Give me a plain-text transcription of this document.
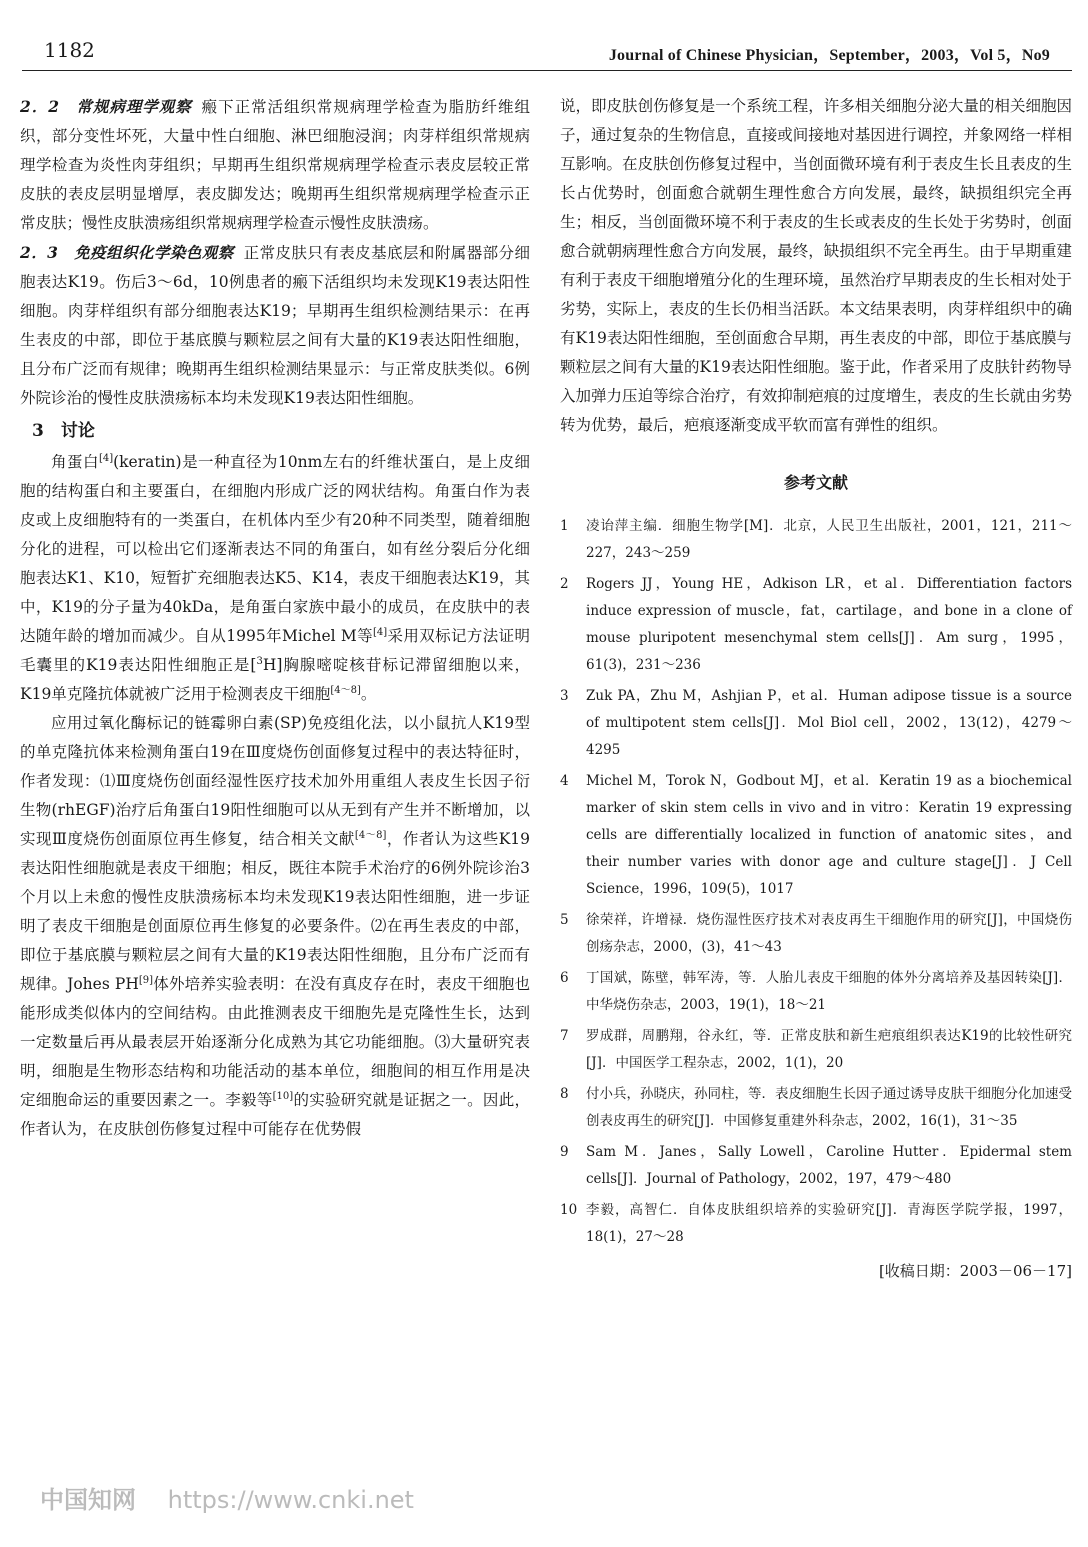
1182	Journal of Chinese Physician，September，2003，Vol 5，No9

2．2　常规病理学观察 瘢下正常活组织常规病理学检查为脂肪纤维组织，部分变性坏死，大量中性白细胞、淋巴细胞浸润；肉芽样组织常规病理学检查为炎性肉芽组织；早期再生组织常规病理学检查示表皮层较正常皮肤的表皮层明显增厚，表皮脚发达；晚期再生组织常规病理学检查示正常皮肤；慢性皮肤溃疡组织常规病理学检查示慢性皮肤溃疡。

2．3　免疫组织化学染色观察 正常皮肤只有表皮基底层和附属器部分细胞表达K19。伤后3～6d，10例患者的瘢下活组织均未发现K19表达阳性细胞。肉芽样组织有部分细胞表达K19；早期再生组织检测结果示：在再生表皮的中部，即位于基底膜与颗粒层之间有大量的K19表达阳性细胞，且分布广泛而有规律；晚期再生组织检测结果显示：与正常皮肤类似。6例外院诊治的慢性皮肤溃疡标本均未发现K19表达阳性细胞。

3　讨论

角蛋白[4](keratin)是一种直径为10nm左右的纤维状蛋白，是上皮细胞的结构蛋白和主要蛋白，在细胞内形成广泛的网状结构。角蛋白作为表皮或上皮细胞特有的一类蛋白，在机体内至少有20种不同类型，随着细胞分化的进程，可以检出它们逐渐表达不同的角蛋白，如有丝分裂后分化细胞表达K1、K10，短暂扩充细胞表达K5、K14，表皮干细胞表达K19，其中，K19的分子量为40kDa，是角蛋白家族中最小的成员，在皮肤中的表达随年龄的增加而减少。自从1995年Michel M等[4]采用双标记方法证明毛囊里的K19表达阳性细胞正是[$^3$H]胸腺嘧啶核苷标记滞留细胞以来，K19单克隆抗体就被广泛用于检测表皮干细胞[4～8]。

应用过氧化酶标记的链霉卵白素(SP)免疫组化法，以小鼠抗人K19型的单克隆抗体来检测角蛋白19在Ⅲ度烧伤创面修复过程中的表达特征时，作者发现：⑴Ⅲ度烧伤创面经湿性医疗技术加外用重组人表皮生长因子衍生物(rhEGF)治疗后角蛋白19阳性细胞可以从无到有产生并不断增加，以实现Ⅲ度烧伤创面原位再生修复，结合相关文献[4～8]，作者认为这些K19表达阳性细胞就是表皮干细胞；相反，既往本院手术治疗的6例外院诊治3个月以上未愈的慢性皮肤溃疡标本均未发现K19表达阳性细胞，进一步证明了表皮干细胞是创面原位再生修复的必要条件。⑵在再生表皮的中部，即位于基底膜与颗粒层之间有大量的K19表达阳性细胞，且分布广泛而有规律。Johes PH[9]体外培养实验表明：在没有真皮存在时，表皮干细胞也能形成类似体内的空间结构。由此推测表皮干细胞先是克隆性生长，达到一定数量后再从最表层开始逐渐分化成熟为其它功能细胞。⑶大量研究表明，细胞是生物形态结构和功能活动的基本单位，细胞间的相互作用是决定细胞命运的重要因素之一。李毅等[10]的实验研究就是证据之一。因此，作者认为，在皮肤创伤修复过程中可能存在优势假

说，即皮肤创伤修复是一个系统工程，许多相关细胞分泌大量的相关细胞因子，通过复杂的生物信息，直接或间接地对基因进行调控，并象网络一样相互影响。在皮肤创伤修复过程中，当创面微环境有利于表皮生长且表皮的生长占优势时，创面愈合就朝生理性愈合方向发展，最终，缺损组织完全再生；相反，当创面微环境不利于表皮的生长或表皮的生长处于劣势时，创面愈合就朝病理性愈合方向发展，最终，缺损组织不完全再生。由于早期重建有利于表皮干细胞增殖分化的生理环境，虽然治疗早期表皮的生长相对处于劣势，实际上，表皮的生长仍相当活跃。本文结果表明，肉芽样组织中的确有K19表达阳性细胞，至创面愈合早期，再生表皮的中部，即位于基底膜与颗粒层之间有大量的K19表达阳性细胞。鉴于此，作者采用了皮肤针药物导入加弹力压迫等综合治疗，有效抑制疤痕的过度增生，表皮的生长就由劣势转为优势，最后，疤痕逐渐变成平软而富有弹性的组织。

参考文献
1	凌诒萍主编．细胞生物学[M]．北京，人民卫生出版社，2001，121，211～227，243～259
2	Rogers JJ，Young HE，Adkison LR，et al．Differentiation factors induce expression of muscle，fat，cartilage，and bone in a clone of mouse pluripotent mesenchymal stem cells[J]．Am surg，1995，61(3)，231～236
3	Zuk PA，Zhu M，Ashjian P，et al．Human adipose tissue is a source of multipotent stem cells[J]．Mol Biol cell，2002，13(12)，4279～4295
4	Michel M，Torok N，Godbout MJ，et al．Keratin 19 as a biochemical marker of skin stem cells in vivo and in vitro：Keratin 19 expressing cells are differentially localized in function of anatomic sites，and their number varies with donor age and culture stage[J]．J Cell Science，1996，109(5)，1017
5	徐荣祥，许增禄．烧伤湿性医疗技术对表皮再生干细胞作用的研究[J]，中国烧伤创疡杂志，2000，(3)，41～43
6	丁国斌，陈壁，韩军涛，等．人胎儿表皮干细胞的体外分离培养及基因转染[J]．中华烧伤杂志，2003，19(1)，18～21
7	罗成群，周鹏翔，谷永红，等．正常皮肤和新生疤痕组织表达K19的比较性研究[J]．中国医学工程杂志，2002，1(1)，20
8	付小兵，孙晓庆，孙同柱，等．表皮细胞生长因子通过诱导皮肤干细胞分化加速受创表皮再生的研究[J]．中国修复重建外科杂志，2002，16(1)，31～35
9	Sam M．Janes，Sally Lowell，Caroline Hutter．Epidermal stem cells[J]．Journal of Pathology，2002，197，479～480
10 李毅，高智仁．自体皮肤组织培养的实验研究[J]．青海医学院学报，1997，18(1)，27～28
[收稿日期：2003－06－17]
中国知网 https://www.cnki.net
